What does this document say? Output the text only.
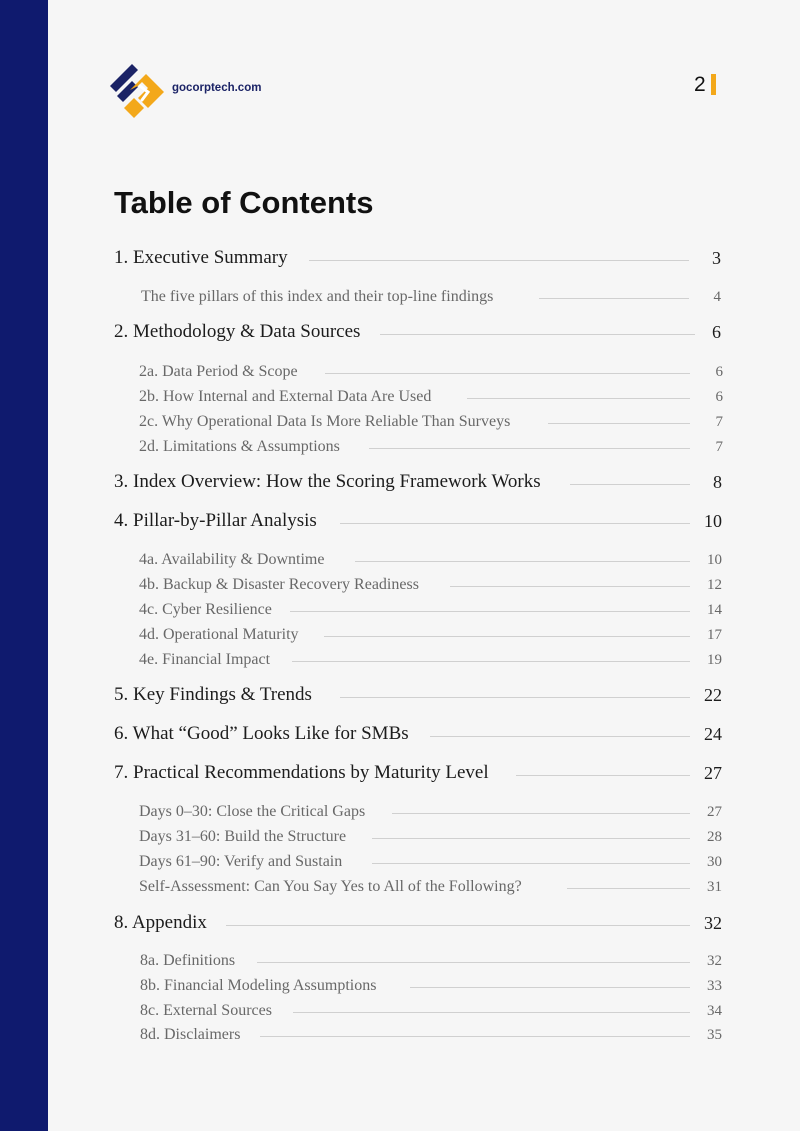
gocorptech.com	2
Table of Contents
1. Executive Summary	3
The five pillars of this index and their top-line findings	4
2. Methodology & Data Sources	6
2a. Data Period & Scope	6
2b. How Internal and External Data Are Used	6
2c. Why Operational Data Is More Reliable Than Surveys	7
2d. Limitations & Assumptions	7
3. Index Overview: How the Scoring Framework Works	8
4. Pillar-by-Pillar Analysis	10
4a. Availability & Downtime	10
4b. Backup & Disaster Recovery Readiness	12
4c. Cyber Resilience	14
4d. Operational Maturity	17
4e. Financial Impact	19
5. Key Findings & Trends	22
6. What “Good” Looks Like for SMBs	24
7. Practical Recommendations by Maturity Level	27
Days 0–30: Close the Critical Gaps	27
Days 31–60: Build the Structure	28
Days 61–90: Verify and Sustain	30
Self-Assessment: Can You Say Yes to All of the Following?	31
8. Appendix	32
8a. Definitions	32
8b. Financial Modeling Assumptions	33
8c. External Sources	34
8d. Disclaimers	35
